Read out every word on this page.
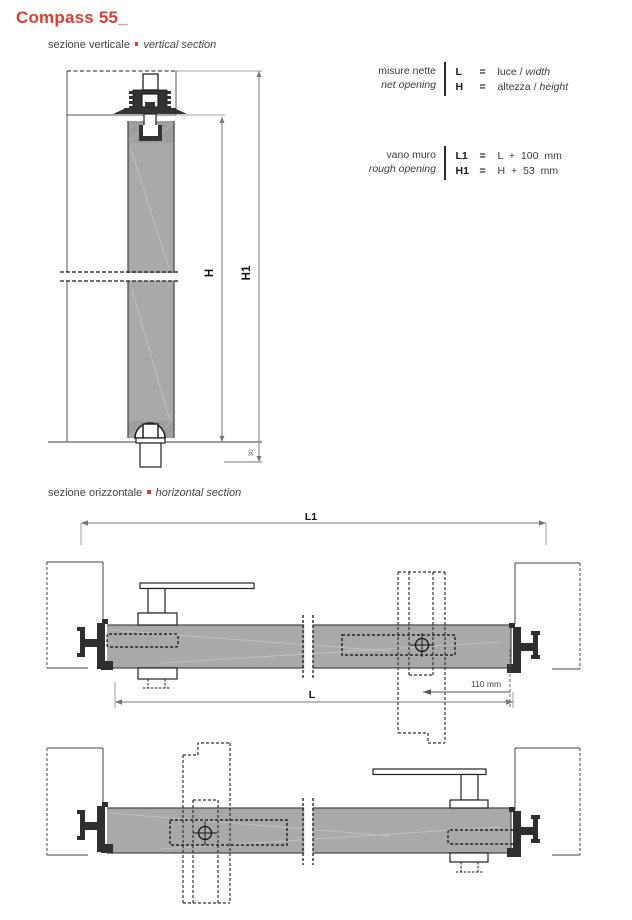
Compass 55_
sezione verticale vertical section
sezione orizzontale horizontal section
misure nette
net opening
L	=	luce / width
H	=	altezza / height
vano muro
rough opening
L1	=	L + 100 mm
H1	=	H + 53 mm
H H1
30
L1
110 mm
L
